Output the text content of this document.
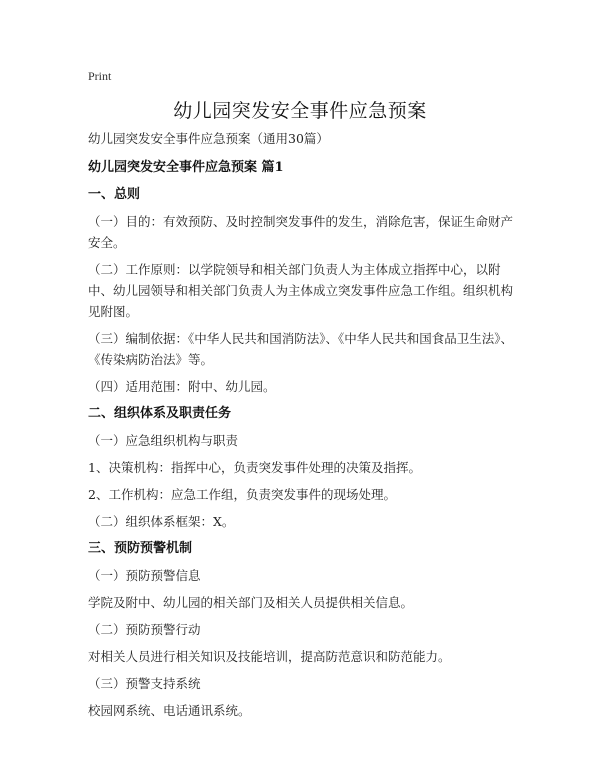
Print
幼儿园突发安全事件应急预案
幼儿园突发安全事件应急预案（通用30篇）
幼儿园突发安全事件应急预案 篇1
一、总则
（一）目的：有效预防、及时控制突发事件的发生，消除危害，保证生命财产安全。
（二）工作原则：以学院领导和相关部门负责人为主体成立指挥中心，以附中、幼儿园领导和相关部门负责人为主体成立突发事件应急工作组。组织机构见附图。
（三）编制依据：《中华人民共和国消防法》、《中华人民共和国食品卫生法》、《传染病防治法》等。
（四）适用范围：附中、幼儿园。
二、组织体系及职责任务
（一）应急组织机构与职责
1、决策机构：指挥中心，负责突发事件处理的决策及指挥。
2、工作机构：应急工作组，负责突发事件的现场处理。
（二）组织体系框架：X。
三、预防预警机制
（一）预防预警信息
学院及附中、幼儿园的相关部门及相关人员提供相关信息。
（二）预防预警行动
对相关人员进行相关知识及技能培训，提高防范意识和防范能力。
（三）预警支持系统
校园网系统、电话通讯系统。
